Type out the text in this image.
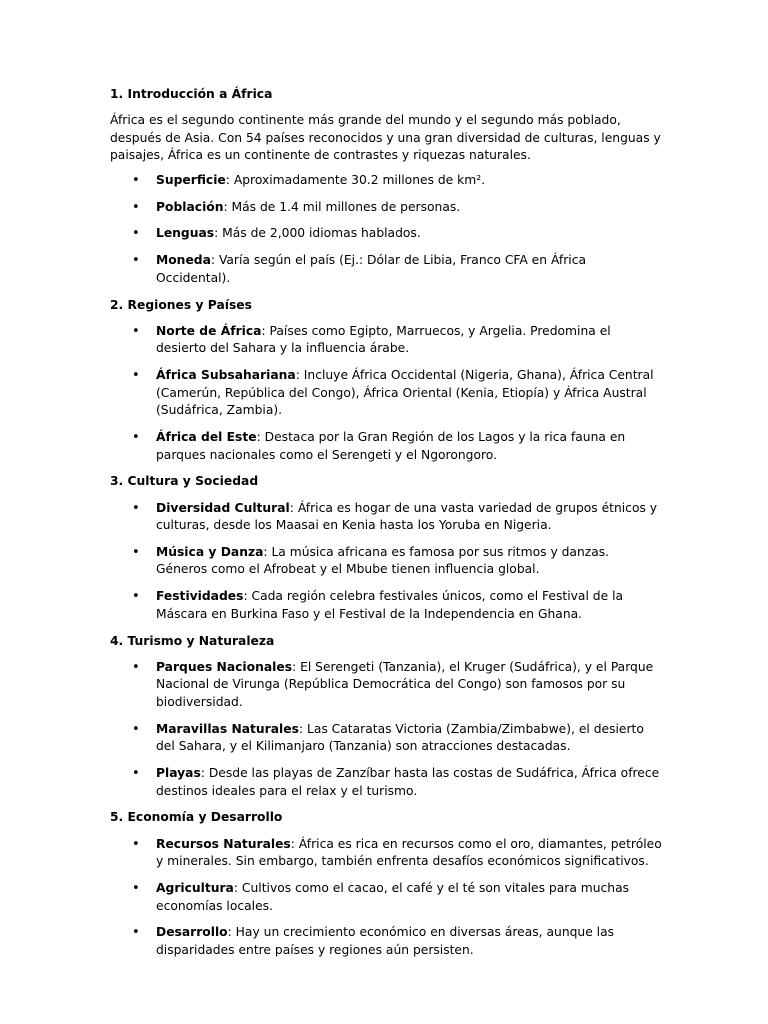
1. Introducción a África

África es el segundo continente más grande del mundo y el segundo más poblado, después de Asia. Con 54 países reconocidos y una gran diversidad de culturas, lenguas y paisajes, África es un continente de contrastes y riquezas naturales.

• Superficie: Aproximadamente 30.2 millones de km².
• Población: Más de 1.4 mil millones de personas.
• Lenguas: Más de 2,000 idiomas hablados.
• Moneda: Varía según el país (Ej.: Dólar de Libia, Franco CFA en África Occidental).
2. Regiones y Países
• Norte de África: Países como Egipto, Marruecos, y Argelia. Predomina el desierto del Sahara y la influencia árabe.
• África Subsahariana: Incluye África Occidental (Nigeria, Ghana), África Central (Camerún, República del Congo), África Oriental (Kenia, Etiopía) y África Austral (Sudáfrica, Zambia).
• África del Este: Destaca por la Gran Región de los Lagos y la rica fauna en parques nacionales como el Serengeti y el Ngorongoro.
3. Cultura y Sociedad
• Diversidad Cultural: África es hogar de una vasta variedad de grupos étnicos y culturas, desde los Maasai en Kenia hasta los Yoruba en Nigeria.
• Música y Danza: La música africana es famosa por sus ritmos y danzas. Géneros como el Afrobeat y el Mbube tienen influencia global.
• Festividades: Cada región celebra festivales únicos, como el Festival de la Máscara en Burkina Faso y el Festival de la Independencia en Ghana.
4. Turismo y Naturaleza
• Parques Nacionales: El Serengeti (Tanzania), el Kruger (Sudáfrica), y el Parque Nacional de Virunga (República Democrática del Congo) son famosos por su biodiversidad.
• Maravillas Naturales: Las Cataratas Victoria (Zambia/Zimbabwe), el desierto del Sahara, y el Kilimanjaro (Tanzania) son atracciones destacadas.
• Playas: Desde las playas de Zanzíbar hasta las costas de Sudáfrica, África ofrece destinos ideales para el relax y el turismo.
5. Economía y Desarrollo
• Recursos Naturales: África es rica en recursos como el oro, diamantes, petróleo y minerales. Sin embargo, también enfrenta desafíos económicos significativos.
• Agricultura: Cultivos como el cacao, el café y el té son vitales para muchas economías locales.
• Desarrollo: Hay un crecimiento económico en diversas áreas, aunque las disparidades entre países y regiones aún persisten.
